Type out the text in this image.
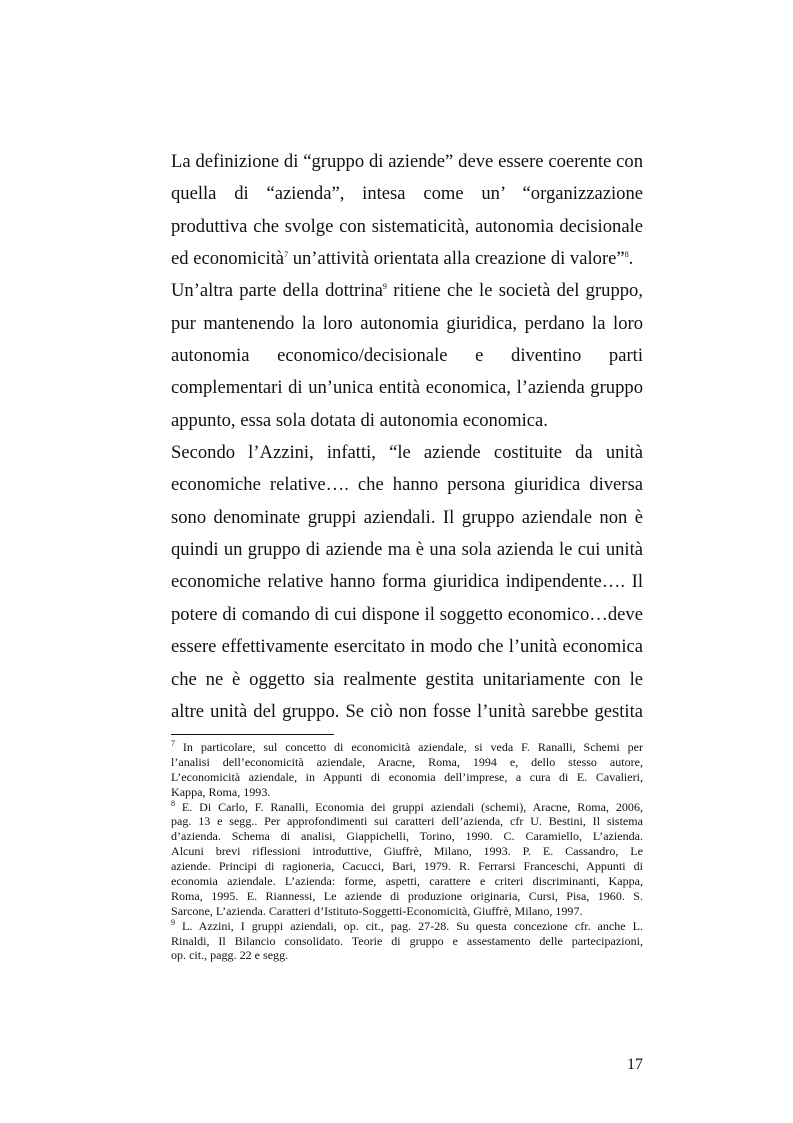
La definizione di “gruppo di aziende” deve essere coerente con
quella di “azienda”, intesa come un’ “organizzazione
produttiva che svolge con sistematicità, autonomia decisionale
ed economicità$^7$ un’attività orientata alla creazione di valore”$^8$.
Un’altra parte della dottrina$^9$ ritiene che le società del gruppo,
pur mantenendo la loro autonomia giuridica, perdano la loro
autonomia economico/decisionale e diventino parti
complementari di un’unica entità economica, l’azienda gruppo
appunto, essa sola dotata di autonomia economica.
Secondo l’Azzini, infatti, “le aziende costituite da unità
economiche relative…. che hanno persona giuridica diversa
sono denominate gruppi aziendali. Il gruppo aziendale non è
quindi un gruppo di aziende ma è una sola azienda le cui unità
economiche relative hanno forma giuridica indipendente…. Il
potere di comando di cui dispone il soggetto economico…deve
essere effettivamente esercitato in modo che l’unità economica
che ne è oggetto sia realmente gestita unitariamente con le
altre unità del gruppo. Se ciò non fosse l’unità sarebbe gestita
$^7$ In particolare, sul concetto di economicità aziendale, si veda F. Ranalli, Schemi per
l’analisi dell’economicità aziendale, Aracne, Roma, 1994 e, dello stesso autore,
L’economicità aziendale, in Appunti di economia dell’imprese, a cura di E. Cavalieri,
Kappa, Roma, 1993.
$^8$ E. Di Carlo, F. Ranalli, Economia dei gruppi aziendali (schemi), Aracne, Roma, 2006,
pag. 13 e segg.. Per approfondimenti sui caratteri dell’azienda, cfr U. Bestini, Il sistema
d’azienda. Schema di analisi, Giappichelli, Torino, 1990. C. Caramiello, L’azienda.
Alcuni brevi riflessioni introduttive, Giuffrè, Milano, 1993. P. E. Cassandro, Le
aziende. Principi di ragioneria, Cacucci, Bari, 1979. R. Ferrarsi Franceschi, Appunti di
economia aziendale. L’azienda: forme, aspetti, carattere e criteri discriminanti, Kappa,
Roma, 1995. E. Riannessi, Le aziende di produzione originaria, Cursi, Pisa, 1960. S.
Sarcone, L’azienda. Caratteri d’Istituto-Soggetti-Economicità, Giuffrè, Milano, 1997.
$^9$ L. Azzini, I gruppi aziendali, op. cit., pag. 27-28. Su questa concezione cfr. anche L.
Rinaldi, Il Bilancio consolidato. Teorie di gruppo e assestamento delle partecipazioni,
op. cit., pagg. 22 e segg.
17
